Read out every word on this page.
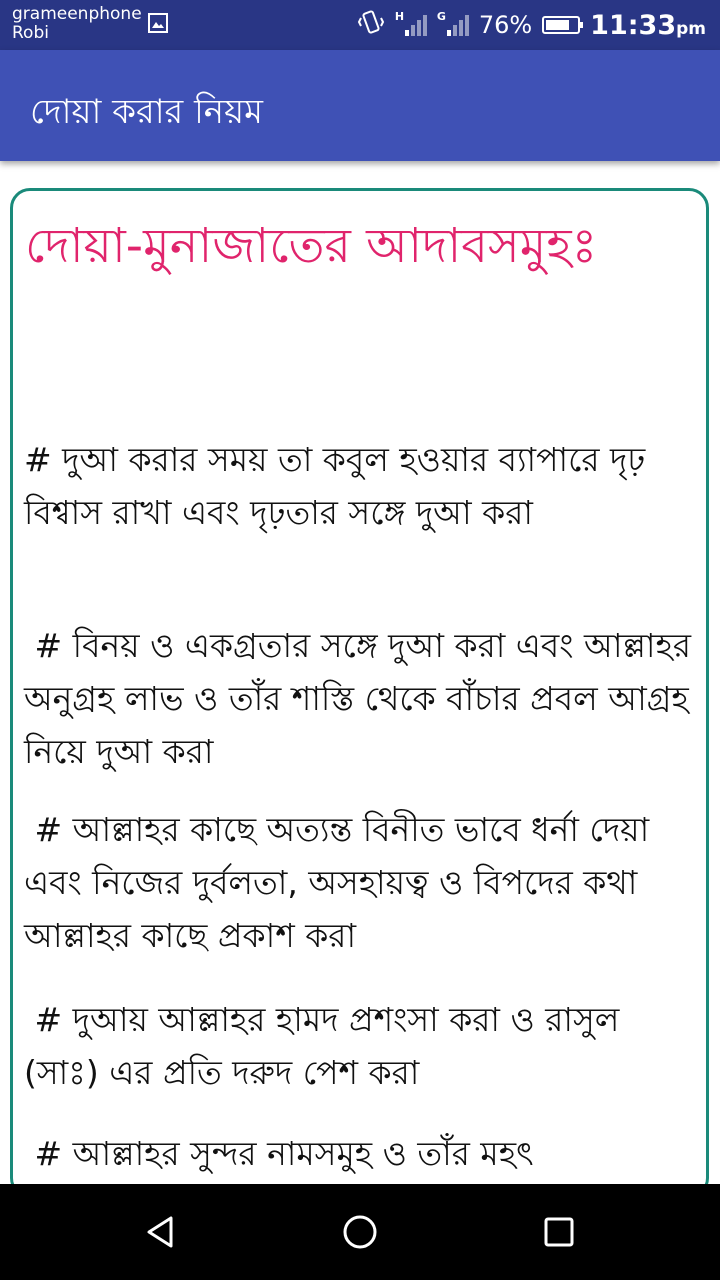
grameenphone
Robi
H	G 76% 11:33pm
দোয়া করার নিয়ম
দোয়া-মুনাজাতের আদাবসমুহঃ

# দুআ করার সময় তা কবুল হওয়ার ব্যাপারে দৃঢ় বিশ্বাস রাখা এবং দৃঢ়তার সঙ্গে দুআ করা

# বিনয় ও একগ্রতার সঙ্গে দুআ করা এবং আল্লাহর অনুগ্রহ লাভ ও তাঁর শাস্তি থেকে বাঁচার প্রবল আগ্রহ নিয়ে দুআ করা

# আল্লাহর কাছে অত্যন্ত বিনীত ভাবে ধর্না দেয়া এবং নিজের দুর্বলতা, অসহায়ত্ব ও বিপদের কথা আল্লাহর কাছে প্রকাশ করা

# দুআয় আল্লাহর হামদ প্রশংসা করা ও রাসুল (সাঃ) এর প্রতি দরুদ পেশ করা

# আল্লাহর সুন্দর নামসমুহ ও তাঁর মহৎ
